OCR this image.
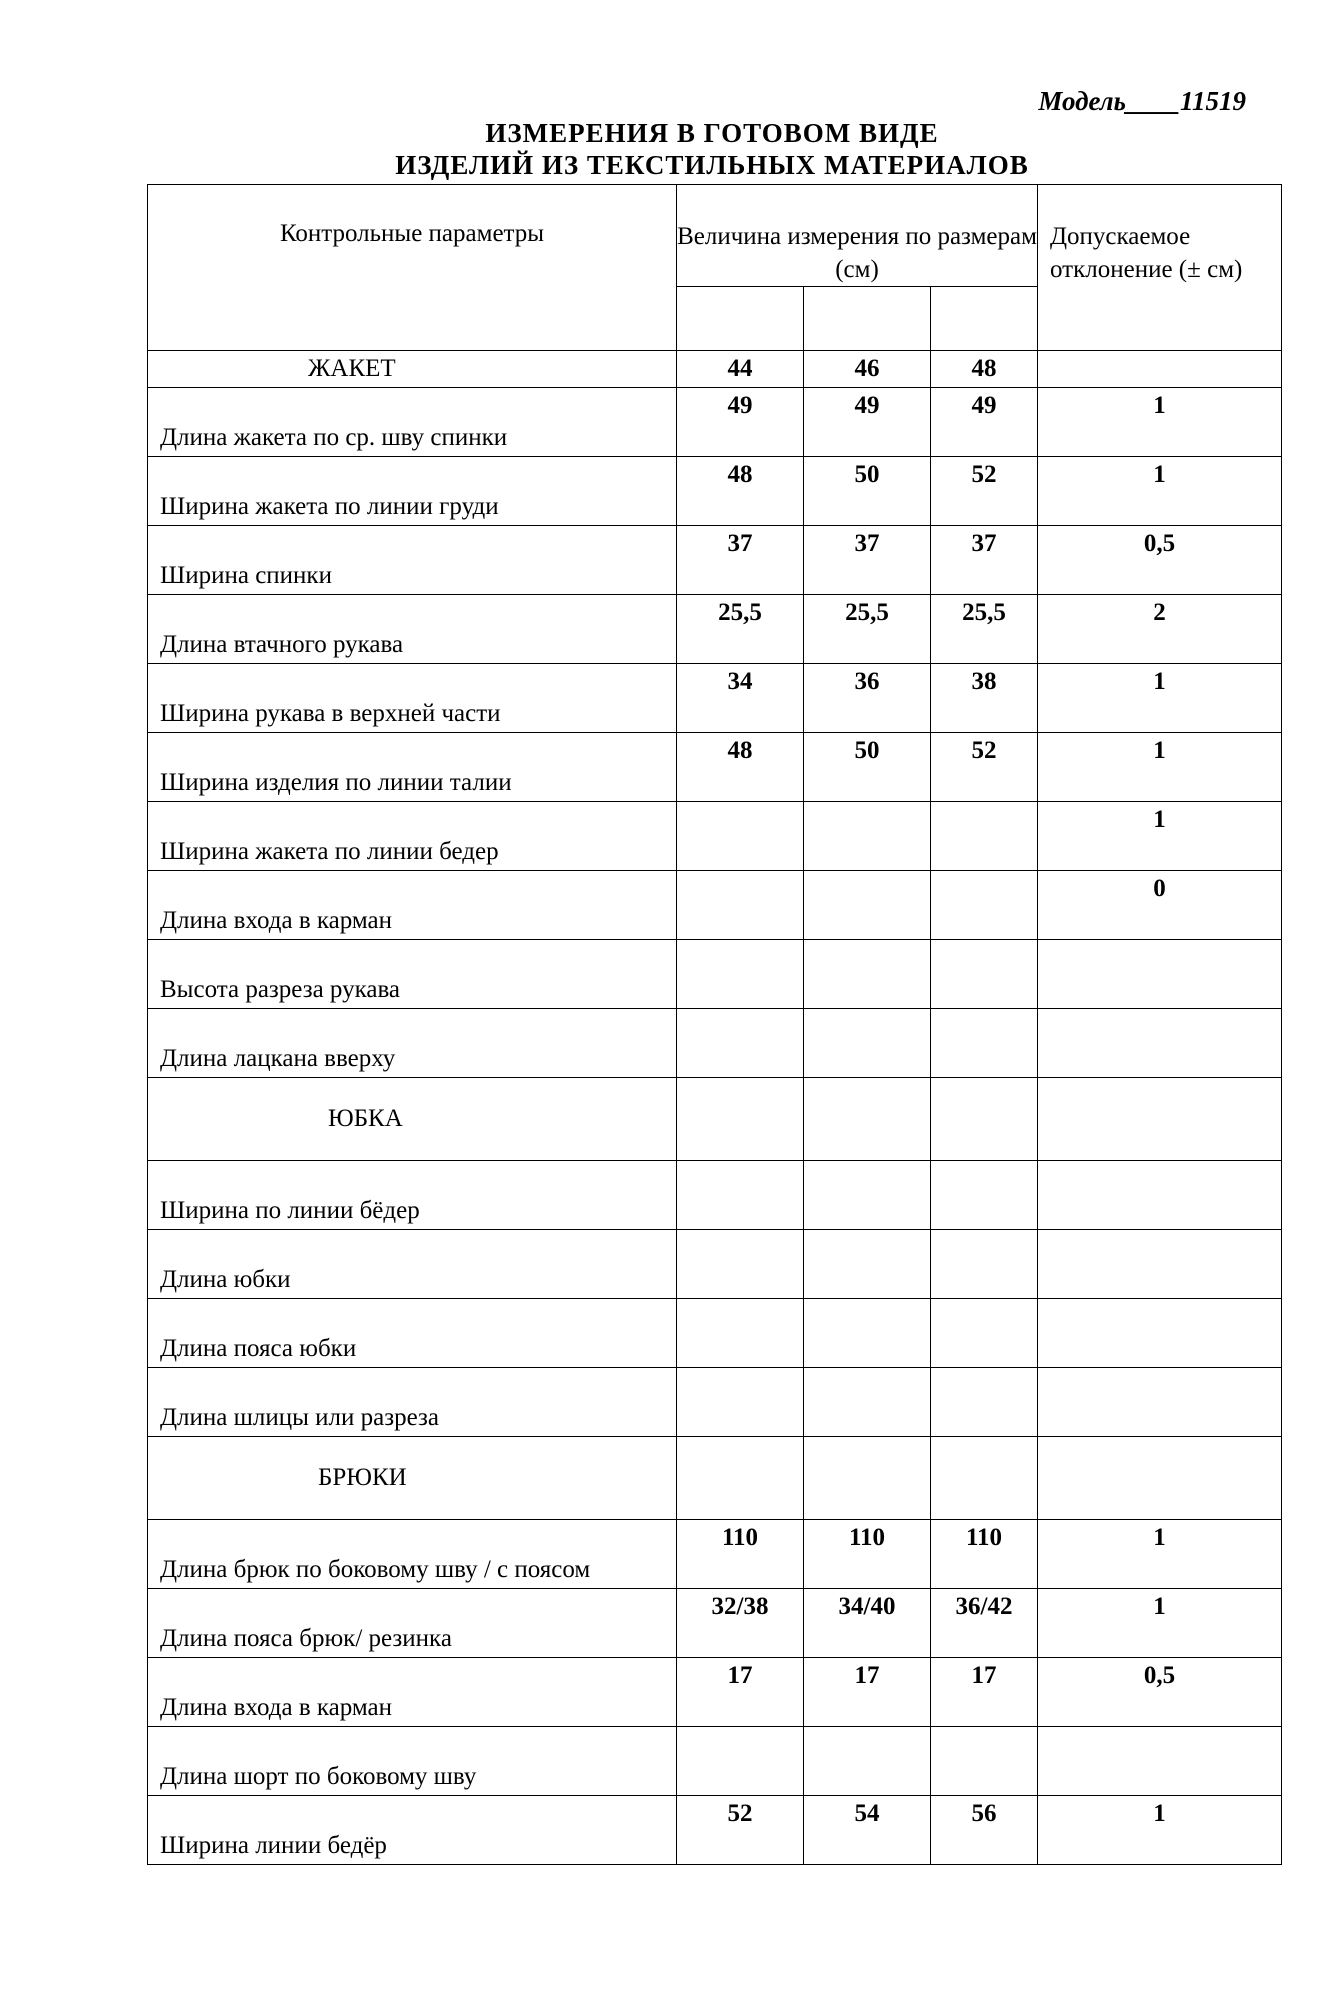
Модель____11519
ИЗМЕРЕНИЯ В ГОТОВОМ ВИДЕ
ИЗДЕЛИЙ ИЗ ТЕКСТИЛЬНЫХ МАТЕРИАЛОВ
Контрольные параметры	Величина измерения по размерам (см)			Допускаемое отклонение (± см)

ЖАКЕТ	44	46	48	
Длина жакета по ср. шву спинки	49	49	49	1
Ширина жакета по линии груди	48	50	52	1
Ширина спинки	37	37	37	0,5
Длина втачного рукава	25,5	25,5	25,5	2
Ширина рукава в верхней части	34	36	38	1
Ширина изделия по линии талии	48	50	52	1
Ширина жакета по линии бедер				1
Длина входа в карман				0
Высота разреза рукава				
Длина лацкана вверху				
ЮБКА				
Ширина по линии бёдер				
Длина юбки				
Длина пояса юбки				
Длина шлицы или разреза				
БРЮКИ				
Длина брюк по боковому шву / с поясом	110	110	110	1
Длина пояса брюк/ резинка	32/38	34/40	36/42	1
Длина входа в карман	17	17	17	0,5
Длина шорт по боковому шву				
Ширина линии бедёр	52	54	56	1
